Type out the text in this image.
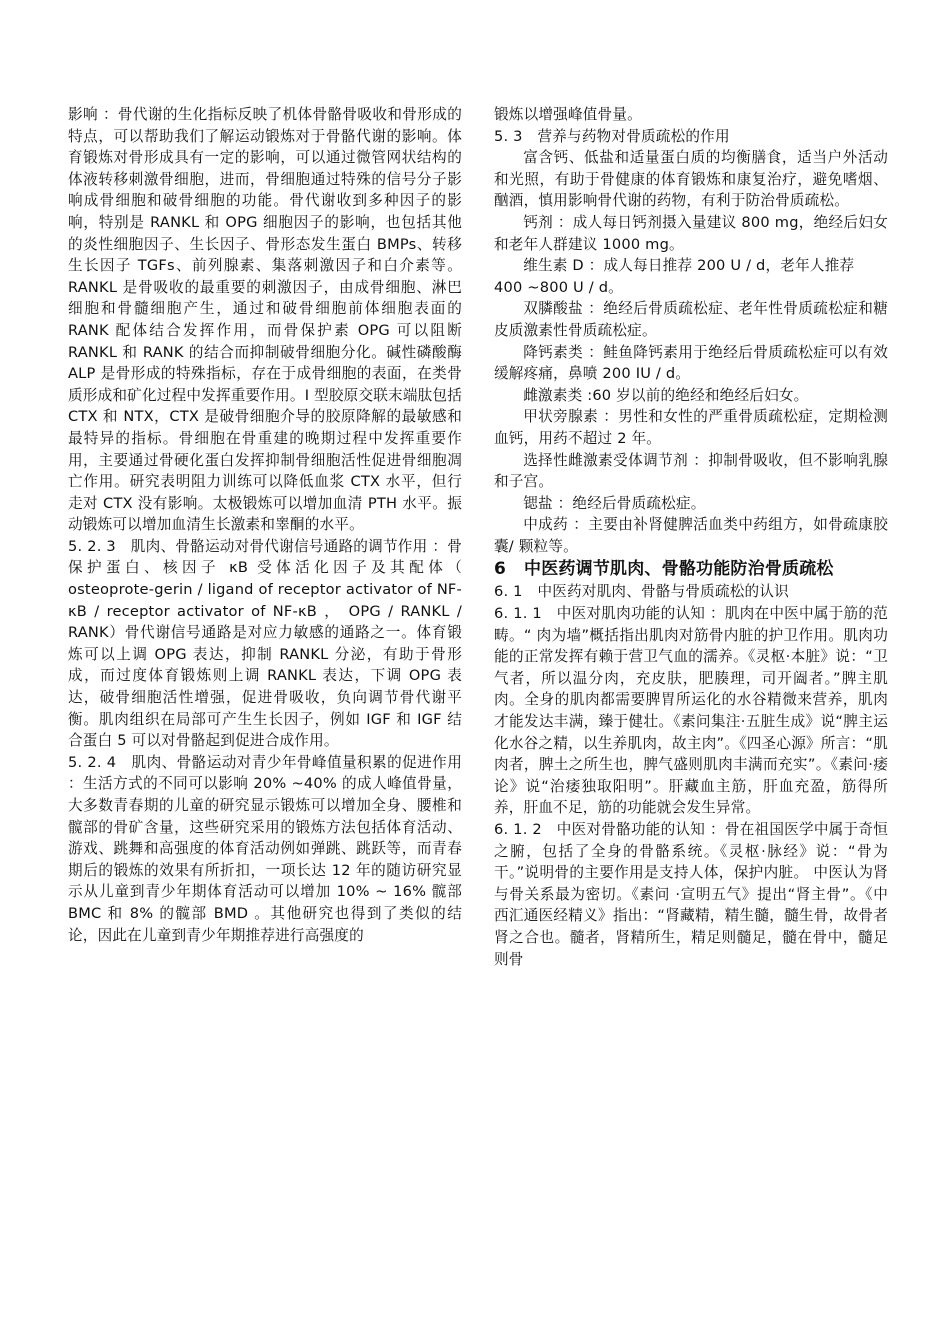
影响 ：骨代谢的生化指标反映了机体骨骼骨吸收和骨形成的特点，可以帮助我们了解运动锻炼对于骨骼代谢的影响。体育锻炼对骨形成具有一定的影响，可以通过微管网状结构的体液转移刺激骨细胞，进而，骨细胞通过特殊的信号分子影响成骨细胞和破骨细胞的功能。骨代谢收到多种因子的影响，特别是 RANKL 和 OPG 细胞因子的影响，也包括其他的炎性细胞因子、生长因子、骨形态发生蛋白 BMPs、转移生长因子 TGFs、前列腺素、集落刺激因子和白介素等。RANKL 是骨吸收的最重要的刺激因子，由成骨细胞、淋巴细胞和骨髓细胞产生，通过和破骨细胞前体细胞表面的 RANK 配体结合发挥作用，而骨保护素 OPG 可以阻断 RANKL 和 RANK 的结合而抑制破骨细胞分化。碱性磷酸酶 ALP 是骨形成的特殊指标，存在于成骨细胞的表面，在类骨质形成和矿化过程中发挥重要作用。I 型胶原交联末端肽包括 CTX 和 NTX，CTX 是破骨细胞介导的胶原降解的最敏感和最特异的指标。骨细胞在骨重建的晚期过程中发挥重要作用，主要通过骨硬化蛋白发挥抑制骨细胞活性促进骨细胞凋亡作用。研究表明阻力训练可以降低血浆 CTX 水平，但行走对 CTX 没有影响。太极锻炼可以增加血清 PTH 水平。振动锻炼可以增加血清生长激素和睾酮的水平。

5. 2. 3　肌肉、骨骼运动对骨代谢信号通路的调节作用 ：骨保护蛋白、核因子 κB 受体活化因子及其配体（ osteoprote-gerin / ligand of receptor activator of NF- κB / receptor activator of NF-κB ， OPG / RANKL / RANK）骨代谢信号通路是对应力敏感的通路之一。体育锻炼可以上调 OPG 表达，抑制 RANKL 分泌，有助于骨形成，而过度体育锻炼则上调 RANKL 表达，下调 OPG 表达，破骨细胞活性增强，促进骨吸收，负向调节骨代谢平衡。肌肉组织在局部可产生生长因子，例如 IGF 和 IGF 结合蛋白 5 可以对骨骼起到促进合成作用。

5. 2. 4　肌肉、骨骼运动对青少年骨峰值量积累的促进作用 ：生活方式的不同可以影响 20% ~40% 的成人峰值骨量，大多数青春期的儿童的研究显示锻炼可以增加全身、腰椎和髋部的骨矿含量，这些研究采用的锻炼方法包括体育活动、游戏、跳舞和高强度的体育活动例如弹跳、跳跃等，而青春期后的锻炼的效果有所折扣，一项长达 12 年的随访研究显示从儿童到青少年期体育活动可以增加 10% ~ 16% 髋部 BMC 和 8% 的髋部 BMD 。其他研究也得到了类似的结论，因此在儿童到青少年期推荐进行高强度的

锻炼以增强峰值骨量。

5. 3　营养与药物对骨质疏松的作用

富含钙、低盐和适量蛋白质的均衡膳食，适当户外活动和光照，有助于骨健康的体育锻炼和康复治疗，避免嗜烟、酗酒，慎用影响骨代谢的药物，有利于防治骨质疏松。

钙剂 ：成人每日钙剂摄入量建议 800 mg，绝经后妇女和老年人群建议 1000 mg。

维生素 D ：成人每日推荐 200 U / d，老年人推荐

400 ~800 U / d。

双膦酸盐 ：绝经后骨质疏松症、老年性骨质疏松症和糖皮质激素性骨质疏松症。

降钙素类 ：鲑鱼降钙素用于绝经后骨质疏松症可以有效缓解疼痛，鼻喷 200 IU / d。

雌激素类 :60 岁以前的绝经和绝经后妇女。

甲状旁腺素 ：男性和女性的严重骨质疏松症，定期检测血钙，用药不超过 2 年。

选择性雌激素受体调节剂 ：抑制骨吸收，但不影响乳腺和子宫。

锶盐 ：绝经后骨质疏松症。

中成药 ：主要由补肾健脾活血类中药组方，如骨疏康胶囊/ 颗粒等。

6 中医药调节肌肉、骨骼功能防治骨质疏松

6. 1　中医药对肌肉、骨骼与骨质疏松的认识

6. 1. 1　中医对肌肉功能的认知 ：肌肉在中医中属于筋的范畴。“ 肉为墙”概括指出肌肉对筋骨内脏的护卫作用。肌肉功能的正常发挥有赖于营卫气血的濡养。《灵枢·本脏》说：“卫气者，所以温分肉，充皮肤，肥腠理，司开阖者。”脾主肌肉。全身的肌肉都需要脾胃所运化的水谷精微来营养，肌肉才能发达丰满，臻于健壮。《素问集注·五脏生成》说“脾主运化水谷之精，以生养肌肉，故主肉”。《四圣心源》所言：“肌肉者，脾土之所生也，脾气盛则肌肉丰满而充实”。《素问·痿论》说“治痿独取阳明”。肝藏血主筋，肝血充盈，筋得所养，肝血不足，筋的功能就会发生异常。

6. 1. 2　中医对骨骼功能的认知 ：骨在祖国医学中属于奇恒之腑，包括了全身的骨骼系统。《灵枢·脉经》说：“骨为干。”说明骨的主要作用是支持人体，保护内脏。 中医认为肾与骨关系最为密切。《素问 ·宣明五气》提出“肾主骨”。《中西汇通医经精义》指出：“肾藏精，精生髓，髓生骨，故骨者肾之合也。髓者，肾精所生，精足则髓足，髓在骨中，髓足则骨
